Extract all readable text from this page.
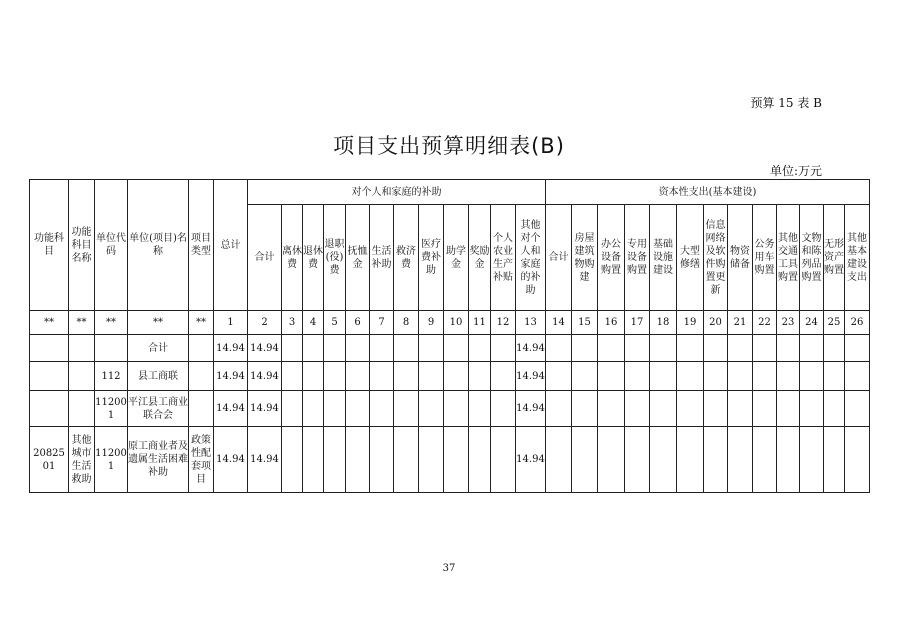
预算 15 表 B
项目支出预算明细表(B)
单位:万元
功能科目	功能科目名称	单位代码	单位(项目)名称	项目类型	总计	对个人和家庭的补助												资本性支出(基本建设)												
						合计	离休费	退休费	退职(役)费	抚恤金	生活补助	救济费	医疗费补助	助学金	奖励金	个人农业生产补贴	其他对个人和家庭的补助	合计	房屋建筑物购建	办公设备购置	专用设备购置	基础设施建设	大型修缮	信息网络及软件购置更新	物资储备	公务用车购置	其他交通工具购置	文物和陈列品购置	无形资产购置	其他基本建设支出
**	**	**	**	**	1	2	3	4	5	6	7	8	9	10	11	12	13	14	15	16	17	18	19	20	21	22	23	24	25	26
			合计		14.94	14.94											14.94													
		112	县工商联		14.94	14.94											14.94													
		112001	平江县工商业联合会		14.94	14.94											14.94													
2082501	其他城市生活救助	112001	原工商业者及遗属生活困难补助	政策性配套项目	14.94	14.94											14.94													
37
